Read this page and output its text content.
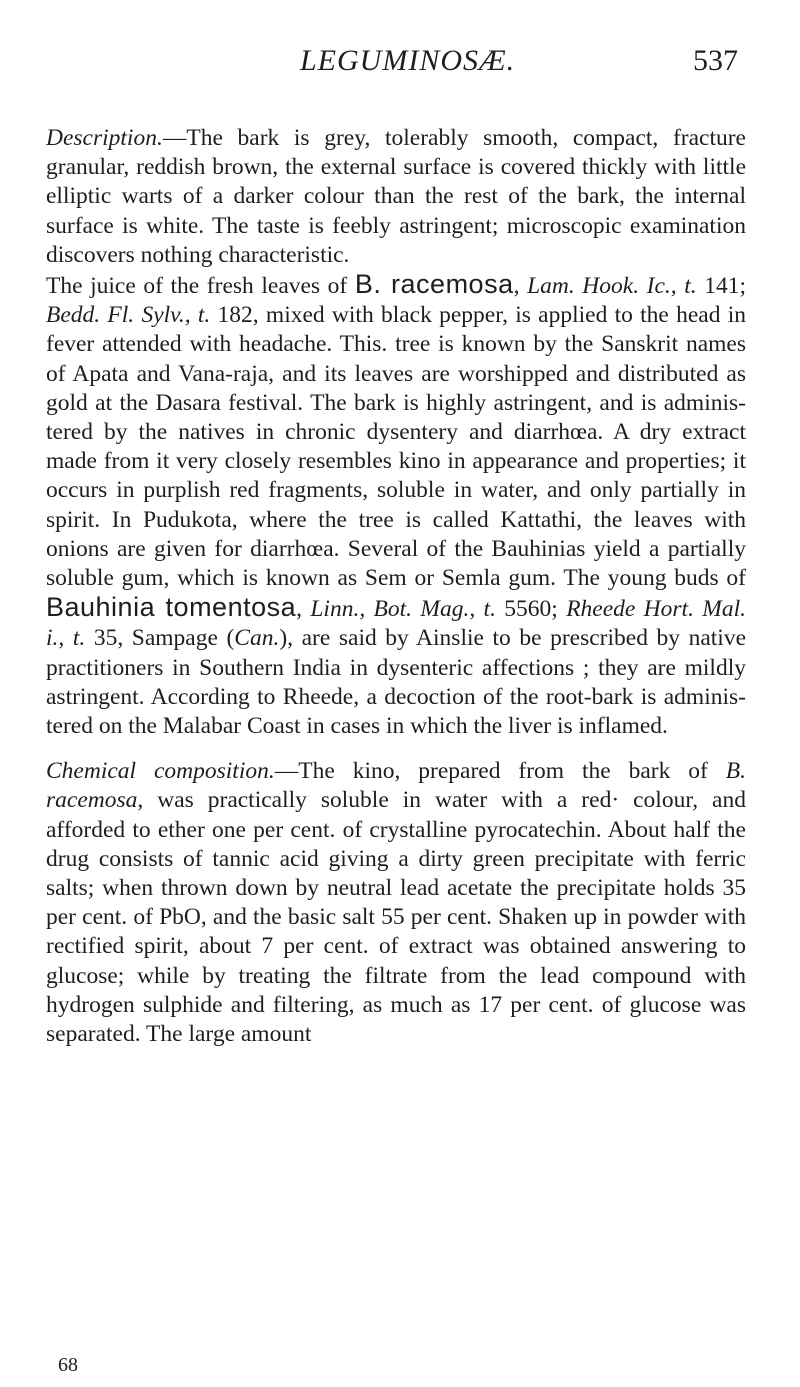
LEGUMINOSÆ.	537

Description.—The bark is grey, tolerably smooth, compact, fracture granular, reddish brown, the external surface is covered thickly with little elliptic warts of a darker colour than the rest of the bark, the internal surface is white. The taste is feebly astringent; microscopic examination discovers nothing characteristic.

The juice of the fresh leaves of B. racemosa, Lam. Hook. Ic., t. 141; Bedd. Fl. Sylv., t. 182, mixed with black pepper, is applied to the head in fever attended with headache. This. tree is known by the Sanskrit names of Apata and Vana-raja, and its leaves are worshipped and distributed as gold at the Dasara festival. The bark is highly astringent, and is administered by the natives in chronic dysentery and diarrhœa. A dry extract made from it very closely resembles kino in appearance and properties; it occurs in purplish red fragments, soluble in water, and only partially in spirit. In Pudukota, where the tree is called Kattathi, the leaves with onions are given for diarrhœa. Several of the Bauhinias yield a partially soluble gum, which is known as Sem or Semla gum. The young buds of Bauhinia tomentosa, Linn., Bot. Mag., t. 5560; Rheede Hort. Mal. i., t. 35, Sampage (Can.), are said by Ainslie to be prescribed by native practitioners in Southern India in dysenteric affections ; they are mildly astringent. According to Rheede, a decoction of the root-bark is administered on the Malabar Coast in cases in which the liver is inflamed.

Chemical composition.—The kino, prepared from the bark of B. racemosa, was practically soluble in water with a red· colour, and afforded to ether one per cent. of crystalline pyrocatechin. About half the drug consists of tannic acid giving a dirty green precipitate with ferric salts; when thrown down by neutral lead acetate the precipitate holds 35 per cent. of PbO, and the basic salt 55 per cent. Shaken up in powder with rectified spirit, about 7 per cent. of extract was obtained answering to glucose; while by treating the filtrate from the lead compound with hydrogen sulphide and filtering, as much as 17 per cent. of glucose was separated. The large amount

68
